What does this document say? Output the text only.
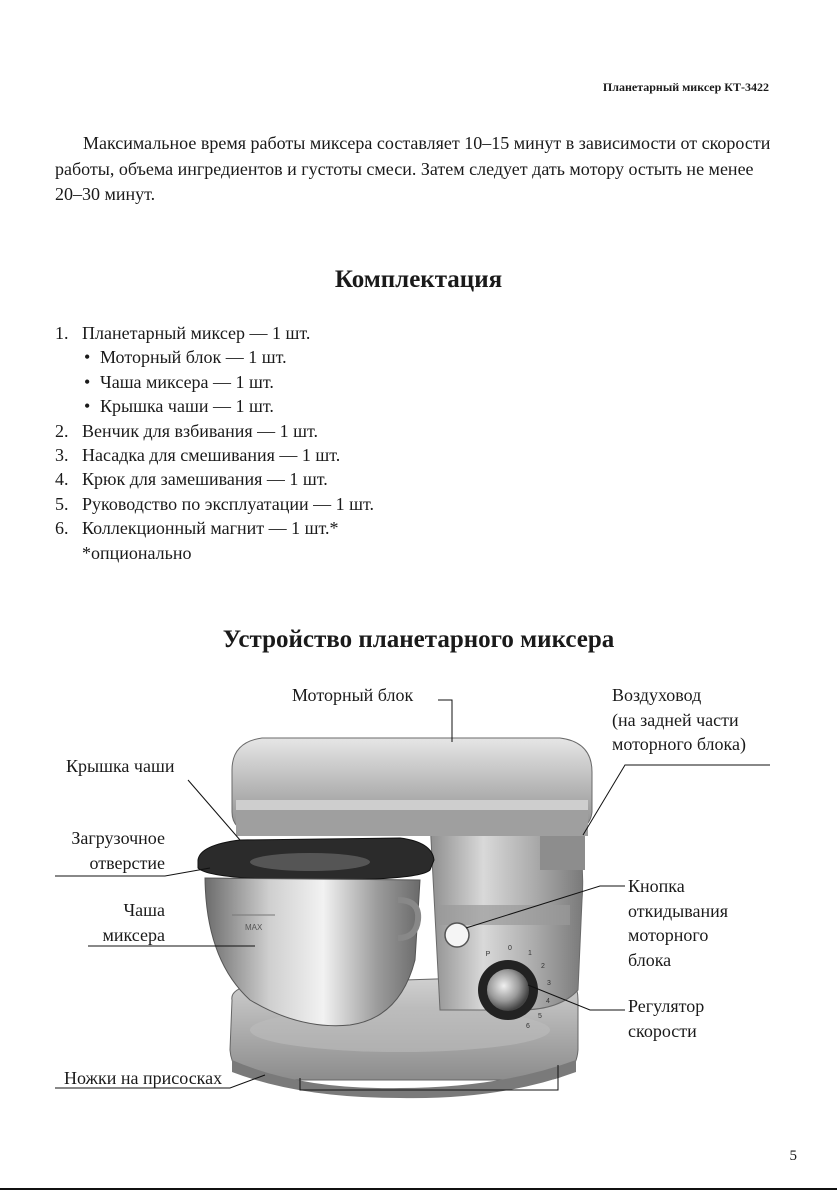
Планетарный миксер КТ-3422
Максимальное время работы миксера составляет 10–15 минут в зависимости от скорости работы, объема ингредиентов и густоты смеси. Затем следует дать мотору остыть не менее 20–30 минут.
Комплектация
1. Планетарный миксер — 1 шт.
• Моторный блок — 1 шт.
• Чаша миксера — 1 шт.
• Крышка чаши — 1 шт.
2. Венчик для взбивания — 1 шт.
3. Насадка для смешивания — 1 шт.
4. Крюк для замешивания — 1 шт.
5. Руководство по эксплуатации — 1 шт.
6. Коллекционный магнит — 1 шт.*
*опционально
Устройство планетарного миксера
MAX
P
0
1
2
3
4
5
6
Моторный блок	Воздуховод
(на задней части
моторного блока)
Крышка чаши
Загрузочное
отверстие
Чаша
миксера
Кнопка
откидывания
моторного
блока
Регулятор
скорости
Ножки на присосках
5
